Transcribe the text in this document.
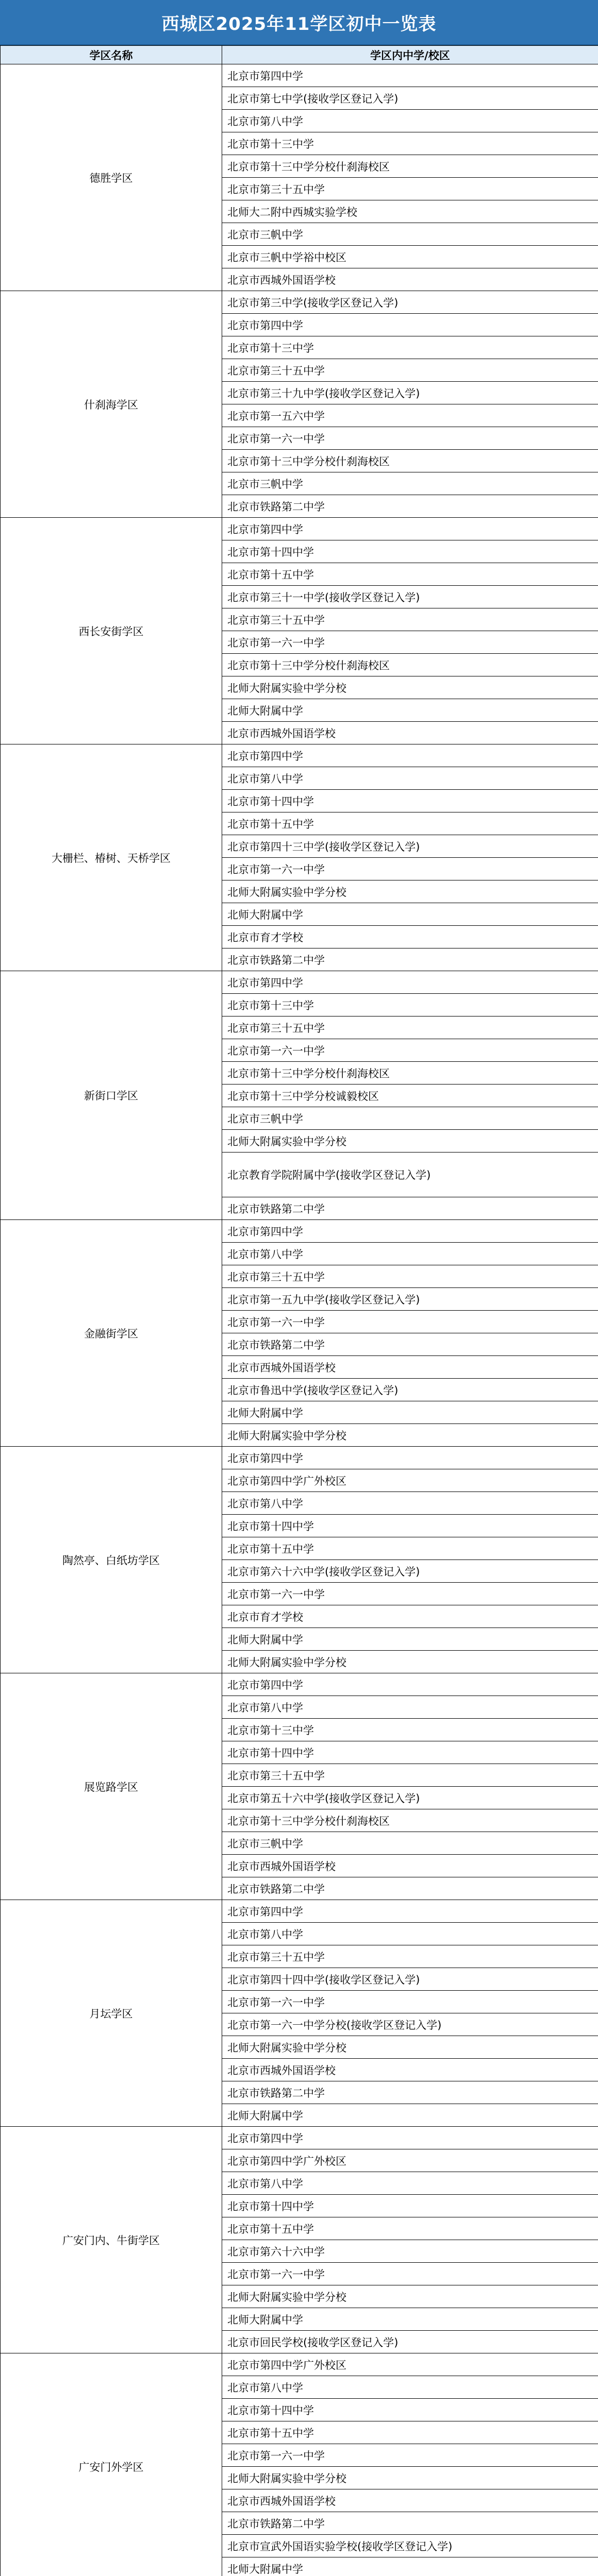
西城区2025年11学区初中一览表
学区名称	学区内中学/校区
德胜学区	北京市第四中学
	北京市第七中学(接收学区登记入学)
	北京市第八中学
	北京市第十三中学
	北京市第十三中学分校什刹海校区
	北京市第三十五中学
	北师大二附中西城实验学校
	北京市三帆中学
	北京市三帆中学裕中校区
	北京市西城外国语学校
什刹海学区	北京市第三中学(接收学区登记入学)
	北京市第四中学
	北京市第十三中学
	北京市第三十五中学
	北京市第三十九中学(接收学区登记入学)
	北京市第一五六中学
	北京市第一六一中学
	北京市第十三中学分校什刹海校区
	北京市三帆中学
	北京市铁路第二中学
西长安街学区	北京市第四中学
	北京市第十四中学
	北京市第十五中学
	北京市第三十一中学(接收学区登记入学)
	北京市第三十五中学
	北京市第一六一中学
	北京市第十三中学分校什刹海校区
	北师大附属实验中学分校
	北师大附属中学
	北京市西城外国语学校
大栅栏、椿树、天桥学区	北京市第四中学
	北京市第八中学
	北京市第十四中学
	北京市第十五中学
	北京市第四十三中学(接收学区登记入学)
	北京市第一六一中学
	北师大附属实验中学分校
	北师大附属中学
	北京市育才学校
	北京市铁路第二中学
新街口学区	北京市第四中学
	北京市第十三中学
	北京市第三十五中学
	北京市第一六一中学
	北京市第十三中学分校什刹海校区
	北京市第十三中学分校诚毅校区
	北京市三帆中学
	北师大附属实验中学分校
	北京教育学院附属中学(接收学区登记入学)
	北京市铁路第二中学
金融街学区	北京市第四中学
	北京市第八中学
	北京市第三十五中学
	北京市第一五九中学(接收学区登记入学)
	北京市第一六一中学
	北京市铁路第二中学
	北京市西城外国语学校
	北京市鲁迅中学(接收学区登记入学)
	北师大附属中学
	北师大附属实验中学分校
陶然亭、白纸坊学区	北京市第四中学
	北京市第四中学广外校区
	北京市第八中学
	北京市第十四中学
	北京市第十五中学
	北京市第六十六中学(接收学区登记入学)
	北京市第一六一中学
	北京市育才学校
	北师大附属中学
	北师大附属实验中学分校
展览路学区	北京市第四中学
	北京市第八中学
	北京市第十三中学
	北京市第十四中学
	北京市第三十五中学
	北京市第五十六中学(接收学区登记入学)
	北京市第十三中学分校什刹海校区
	北京市三帆中学
	北京市西城外国语学校
	北京市铁路第二中学
月坛学区	北京市第四中学
	北京市第八中学
	北京市第三十五中学
	北京市第四十四中学(接收学区登记入学)
	北京市第一六一中学
	北京市第一六一中学分校(接收学区登记入学)
	北师大附属实验中学分校
	北京市西城外国语学校
	北京市铁路第二中学
	北师大附属中学
广安门内、牛街学区	北京市第四中学
	北京市第四中学广外校区
	北京市第八中学
	北京市第十四中学
	北京市第十五中学
	北京市第六十六中学
	北京市第一六一中学
	北师大附属实验中学分校
	北师大附属中学
	北京市回民学校(接收学区登记入学)
广安门外学区	北京市第四中学广外校区
	北京市第八中学
	北京市第十四中学
	北京市第十五中学
	北京市第一六一中学
	北师大附属实验中学分校
	北京市西城外国语学校
	北京市铁路第二中学
	北京市宣武外国语实验学校(接收学区登记入学)
	北师大附属中学
